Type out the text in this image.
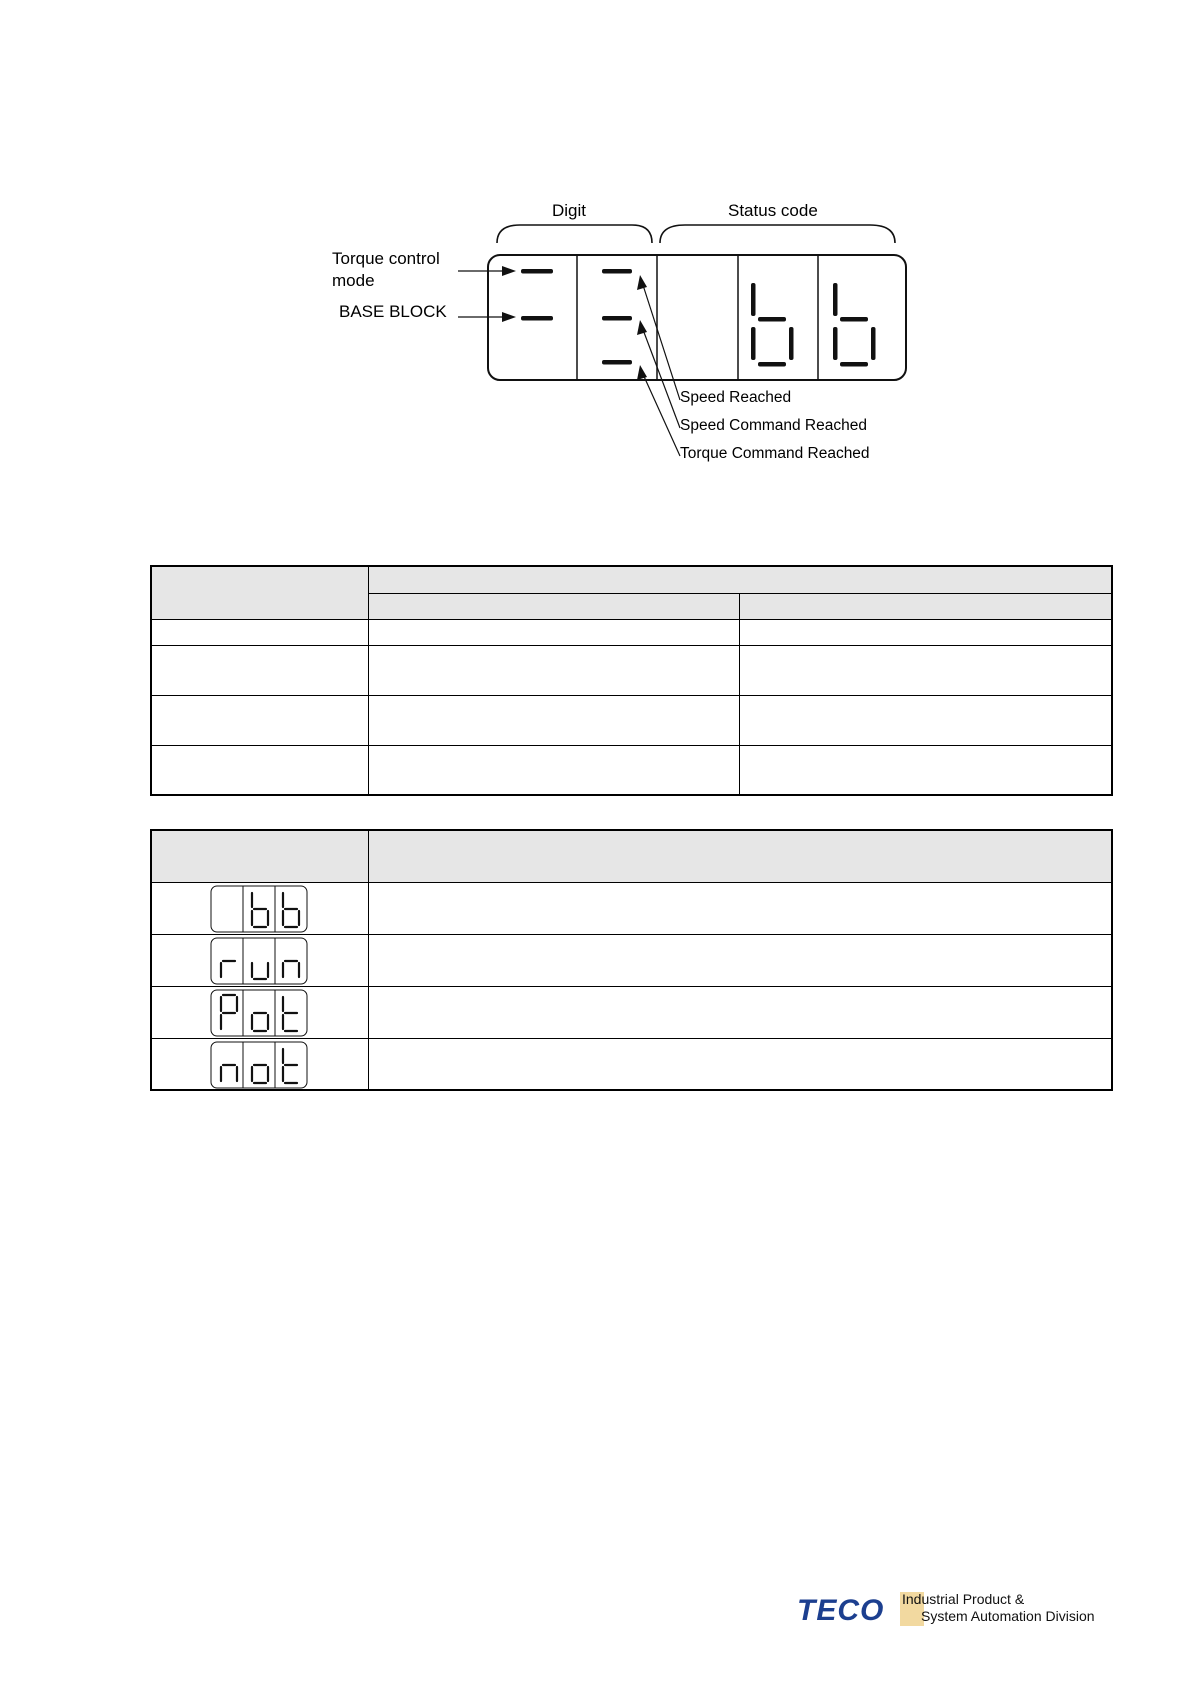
Digit	Status code
Torque control
mode
BASE BLOCK
Speed Reached
Speed Command Reached
Torque Command Reached

TECO Industrial Product &
System Automation Division
